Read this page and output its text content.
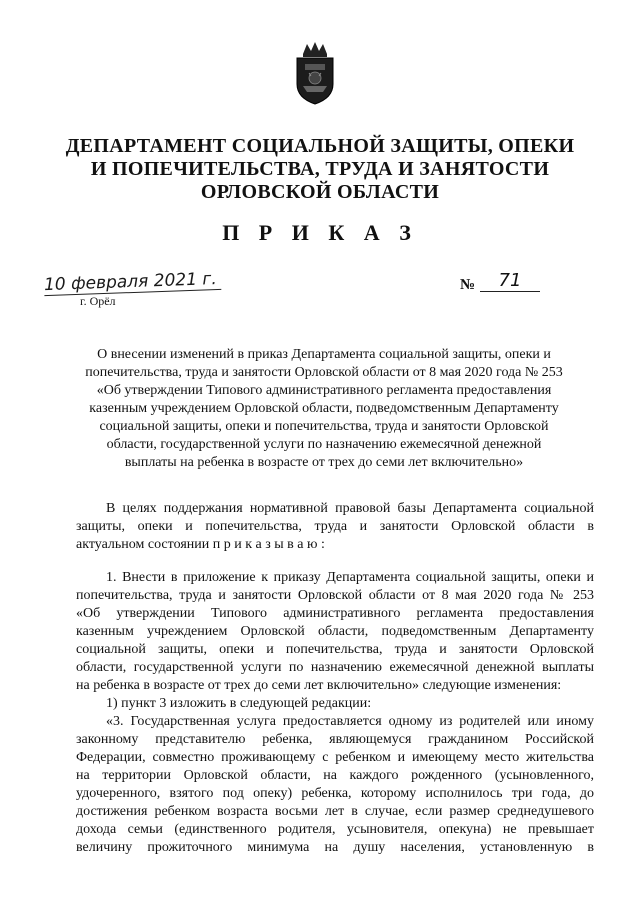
ДЕПАРТАМЕНТ СОЦИАЛЬНОЙ ЗАЩИТЫ, ОПЕКИ
И ПОПЕЧИТЕЛЬСТВА, ТРУДА И ЗАНЯТОСТИ
ОРЛОВСКОЙ ОБЛАСТИ
П Р И К А З
10 февраля 2021 г.
г. Орёл
№	71

О внесении изменений в приказ Департамента социальной защиты, опеки и
попечительства, труда и занятости Орловской области от 8 мая 2020 года № 253
«Об утверждении Типового административного регламента предоставления
казенным учреждением Орловской области, подведомственным Департаменту
социальной защиты, опеки и попечительства, труда и занятости Орловской
области, государственной услуги по назначению ежемесячной денежной
выплаты на ребенка в возрасте от трех до семи лет включительно»

В целях поддержания нормативной правовой базы Департамента социальной
защиты, опеки и попечительства, труда и занятости Орловской области в
актуальном состоянии п р и к а з ы в а ю :

1. Внести в приложение к приказу Департамента социальной защиты, опеки и
попечительства, труда и занятости Орловской области от 8 мая 2020 года № 253
«Об утверждении Типового административного регламента предоставления
казенным учреждением Орловской области, подведомственным Департаменту
социальной защиты, опеки и попечительства, труда и занятости Орловской
области, государственной услуги по назначению ежемесячной денежной выплаты
на ребенка в возрасте от трех до семи лет включительно» следующие изменения:
1) пункт 3 изложить в следующей редакции:
«3. Государственная услуга предоставляется одному из родителей или иному
законному представителю ребенка, являющемуся гражданином Российской
Федерации, совместно проживающему с ребенком и имеющему место жительства
на территории Орловской области, на каждого рожденного (усыновленного,
удочеренного, взятого под опеку) ребенка, которому исполнилось три года, до
достижения ребенком возраста восьми лет в случае, если размер среднедушевого
дохода семьи (единственного родителя, усыновителя, опекуна) не превышает
величину прожиточного минимума на душу населения, установленную в
